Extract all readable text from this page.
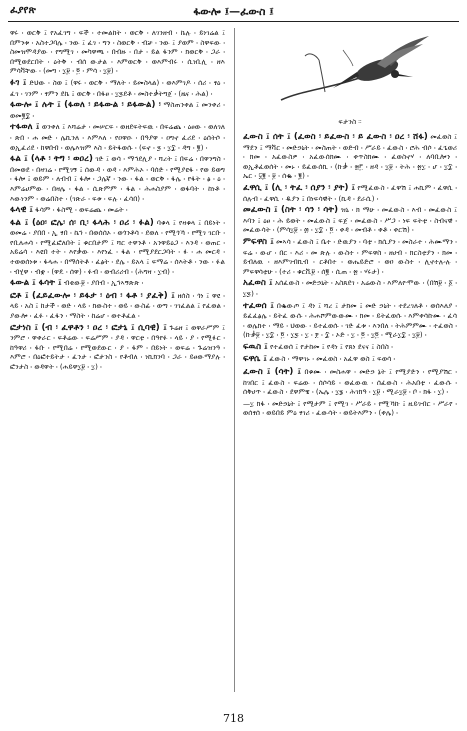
ፈያየጽ	ፋውሎ ፤—ፈውስ ፤
ዋሩ ፡ ወርቅ ፤ የአፈገግ ፡ ፍች ፡ ተመልከት ፡ ወርቅ ፡ ለገንዘብ ፡ ኬሉ ፡ ይነገሬል ፤ በምንቱ ፡ አስተጋባሌ ፡ ንው ፤ ፈገ ፡ ግን ፡ ስወርቅ ፡ ብቻ ፡ ንው ፤ ያወም ፡ ስዋፍው ፡ ስመዝሞዳያው ፡ የግሚገ ፡ መካዋጫ ፡ በብዙ ፡ በታ ፡ ይል ፋንም ፡ ክወርቅ ፡ ጋራ ፡ በሚወደርበት ፡ ዕትቅ ፡ ብሰ ውታል ፡ እምወርቅ ፡ ወእምብሩ ፡ ሲነቢሊ ፡ ዘእ ምሳቫቸው ፡ (መግ ፡ ፲፱ ፡ ፬ ፡ ምሳ ፡ ፲፱) ፡
ፉገ ፤ ድህው ፡ ስወ ፤ (ዋሩ ፡ ወርቅ ፡ ማለት ፡ ይመስላል) ፡ ወእምገዶ ፡ ሰሪ ፡ ፃዕ ፡ ፈገ ፡ ገንም ፡ ፃምን ደኬ ፤ ወርቅ ፡ በፋፀ ፡ ፲፯ደቶ ፡ መስተቃትግጀ ፡ (ዜና ፡ ሕል) ፡
ፋውሎ ፤ ሉት ፤ (ፋወለ ፡ ይፋውል ፡ ይፋውል) ፡ ማስጠንቀል ፤ መንቀሪ ፡ ወመ፪፰ ፡
ተፋወለ ፤ ወንቀለ ፤ እሻሬታ ፡ መሠርፍ ፡ ወዘደፍትፍዉ ፡ በፍሬጨ ፡ ዕፀው ፡ ወለገለ ፡ ጽበ ፡ ሐ መድ ፡ ሌኪንለ ፡ እምእለ ፡ የዐዋዑ ፡ በዓያዋ ፡ ዐግኖ ፈሪደ ፡ ዕሰትሶ ፡ ወኢፈሪደ ፡ ከዋበብ ፡ ወሌእዝም እስ ፡ ይትፋወሱ ፡ (ፍኖ ፡ ፯ ፡ ፲፰ ፡ ዳግ ፡ ፪) ፡
ፋል ፤ (ላቶ ፡ ትግ ፡ ወዐረ) ገድ ፤ ወሳ ፡ ማኅደሊያ ፡ ሻረት ፤ በፍሬ ፡ በዋንግስ ፡ በመወደ ፡ በዛገሬ ፡ የሚገኝ ፤ ሰውዳ ፡ ወዳ ፡ እምሕኦ ፡ ባሰድ ፡ የሚያዩፋ ፡ የወ ይወግ ፡ ፋሎ ፤ ወይም ፡ ለብብ ፤ ፋሎ ፡ ጋሌኛ ፡ ንው ፡ ፋል ፡ ወርቅ ፡ ፋሌ ፡ የፋት ፡ ፅ ፡ ዕ ፡ እምሬሀምው ፡ በዛሌ ፡ ፋል ፡ ሲጽምም ፡ ፋል ፡ ሕሐስያም ፡ ወፋባት ፡ ከነቶ ፡ እውነንም ፡ ወሬበስተ ፡ (ገጽራ ፡ ፍቱ ፡ ፍሉ ፡ ፈሳበ) ፡
ፋላዊ ፤ ፋሳም ፡ ፋስሚ ፡ ወፍሬጨ ፡ መሬት ፡
ፋል ፤ (ዕዐ፡ ፎሌ፡ ሰ፡ ቢ፡ ፋላሕ ፡ ዐሪ ፡ ፉል) ባቁላ ፤ የዛቁላ ፤ በይነት ፡ ወመሬ ፡ ያበበ ፡ ኢ ፃበ ፡ ኬኅ ፡ በወሰሰኦ ፡ ወጎንቶሳ ፡ ደወለ ፡ የሚጎኻ ፡ የሚገ ገርቡ ፡ የቢለሐሳ ፡ የሚፈፎለበት ፤ ቁርበታም ፤ ሻር ተዋንቶ ፡ አንዋይዕጋ ፡ እንዳ ፡ ወጠር ፡ አይሬሳ ፡ እዩበ ተት ፡ እየቃው ፡ እየነፈ ፡ ፋል ፡ የሚያደርጋባት ፡ ፉ ፡ ሐ መርዳ ፡ ተወወሰነቱ ፡ ፋላሐ ፡ በማሰትቶ ፡ ፈፅት ፡ ደሌ ፡ ይአላ ፤ ፍማሬ ፡ ሰእትቶ ፡ ንው ፡ ፉል ፡ ብሂዋ ፡ ብቋ ፡ (ዋዴ ፡ ሰዋ) ፡ ፉብ ፡ ወብሪሪብ ፡ (ሕግዛ ፡ ፲ብ) ፡
ፋውል ፤ ፋሳት ፤ ብቂው፱ ፡ ያበብ ፡ ኢኅኣኝጽጽ ፡
ፎቶ ፤ (ፈይፈውሎ ፡ ይፋታ ፡ ዕብ ፡ ፋቶ ፡ ያፈቅ) ፤ ዘሰስ ፡ ጎነ ፤ ዋዩ ፡ ላይ ፡ አስ ፤ ከታች ፡ ወድ ፡ ላይ ፡ ክውስተ ፡ ወይ ፡ ውስፊ ፡ ወጣ ፡ ገገፈልል ፤ የፈወል ፡ ያውሎ ፡ ፈፉ ፡ ፈፋን ፡ ማስት ፡ ከሬሆ ፡ ወተቶፈል ፡
ፎታነስ ፤ (ብ ፡ ፈዋቶን ፡ ዐረ ፡ ፎታኒ ፤ ሲባዊ) ፤ ጉሬዘ ፤ ወዋራሥም ፤ ንምሮ ፡ ዋቀራር ፡ ፍቶሬው ፡ ፍሬሥም ፡ ያዳ ፡ ዋርቲ ፡ በዓየፉ ፡ ላይ ፡ ያ ፡ የሚፉር ፡ ከዓዋሪ ፡ ፋቡ ፡ የሚበሬ ፡ የሚወደውር ፡ ያ ፡ ፋም ፡ በይነት ፡ ወፍሬ ፡ ጉሬዝንዓ ፡ እምሮ ፡ በዕፎተይትታ ፡ ፈንታ ፡ ፎታንስ ፡ የቶብለ ፡ ነኪክንባ ፡ ጋራ ፡ ይፀውማያሉ ፡ ፎንታስ ፡ ወዳዋት ፡ (ሐይዋ፲፱ ፡ ፲) ፡
ፍታንስ ።
ፈውስ ፤ ሰት ፤ (ፈወስ ፡ ይፈውስ ፡ ይ ፈውስ ፡ ዐረ ፡ ሸፋ) መፈወስ ፤ ማደን ፤ ማቫር ፡ መድኃኒት ፡ መስጠት ፡ ወድብ ፡ ሥራይ ፡ ፈውስ ፡ ሮሕ ብሶ ፡ ፈጌወሪ ፡ ክመ ፡ አፈውስዎ ፡ አፈውሰክሙ ፡ ቀጥስክሙ ፡ ፈወስኖሃ ፡ ለባቢሎን ፡ ወኢቶፈወሰት ፡ መኑ ፡ ይፈውሰኪ ፡ (ኩቃ ፡ ፳፫ ፡ ዘዳ ፡ ፲፱ ፡ ትሕ ፡ ፳፲ ፡ ሆ ፡ ፲፰ ፡ ኤር ፡ ፶፪ ፡ ፱ ፡ ሰቈ ፡ ፪) ፡
ፈዋሲ ፤ (ሊ ፡ ትፈ ፡ ሰያን ፡ ያት) ፤ የሚፈውስ ፡ ፈዋሽ ፤ ሐኪም ፡ ፈዋሲ ፡ ሰሉብ ፡ ፈዋሲ ፡ ዱያን ፤ በነፍሳዊት ፡ (ኪዳ ፡ ደራሲ) ፡
መፈውስ ፤ (ስት ፡ ሳን ፡ ሳት) ዝኒ ፡ ክ ማሁ ፡ መፈውስ ፡ እብ ፡ መፈውስ ፤ እባን ፤ ዕፀ ፡ ሕ ይወት ፡ መፈውስ ፤ ፍጀ ፡ መፈውስ ፡ ሥጋ ፡ ነፍ ፍትቲ ፡ ስብናዊ ፡ መፈውሳት ፡ (ምሳ፲፱ ፡ ፴ ፡ ፲፰ ፡ ፬ ፡ ቀዳ ፡ መብቶ ፡ ቀቶ ፡ ቀርሽ) ፡
ምፍዋስ ፤ መኣሳ ፡ ፈውስ ፤ ቤተ ፡ ድዉያን ፡ ባቲ ፡ ክሲያን ፡ መስራተ ፡ ሕሙማን ፡ ፍሬ ፡ ውሆ ፡ በር ፡ እሪ ፡ መ ጽሉ ፡ ውስተ ፡ ምፍዋስ ፡ ዘሀብ ፡ ክርስቲያን ፡ ክመ ፡ ይብለዉ ፡ ዘእምገብኪብ ፡ ርቶበተ ፡ ወሔይድሮ ፡ ወዐ ውስተ ፡ ሊኖተሉ፡ሉ ፡ ምፍዋሳቲሁ ፡ (ተሪ ፡ ቁርቪ፱ ፡ ሰ፪ ፡ ሲጠ ፡ ፳ ፡ ሃሩታ) ፡
አፈወስ ፤ አሰፈውስ ፡ መድኃኒት ፡ አስጸደገ ፡ አሬውስ ፡ እምለዮሞው ፡ (በሽ፱ ፡ ፩ ፡ ፲፯) ፡
ተፈወሰ ፤ በቈውጦ ፤ ዳነ ፤ ሻረ ፤ ታክመ ፤ መድ ኃኒት ፡ ተደረገለቶ ፡ ወሰእለያ ፡ ይፈፈፅሌ ፡ ይትፈ ውሱ ፡ ሕሐሾምውውሙ ፡ ክመ ፡ ይትፈወሱ ፡ እምቀሳኩሙ ፡ ፈሳ ፡ ወሌክተ ፡ ማይ ፡ ህወው ፡ ይተፈወሱ ፡ ገድ ፈቱ ፡ እንበለ ፡ ትሕምምሙ ፡ ተፈወስ ፡ (ኩቃ፱ ፡ ፲፰ ፡ ፬ ፡ ፲፯ ፡ ፲ ፡ ፻ ፡ ፰ ፡ ኦድ ፡ ፲ ፡ ፬ ፡ ፲፬ ፡ ሚራ፲፰ ፡ ፲፱) ፡
ፍዉስ ፤ የተፈወሰ ፤ የታከመ ፤ የዳነ ፤ የጸነ ደናና ፤ ስበስ ፡
ፍዋሴ ፤ ፈውስ ፡ ማዋገኑ ፡ መፈወስ ፡ አፈዋ ወስ ፤ ፍወሳ ፡
ፈውስ ፤ (ሳት) ፤ በቁሙ ፡ መስሐዋ ፡ መድኃ ኔት ፤ የሚያድን ፡ የሚያሽር ፡ ከገበር ፤ ፈውስ ፡ ፍሬው ፡ ሰሶሳይ ፡ ወፈውዉ ፡ ሰፈውስ ፡ ሕአበቲ ፡ ፈውሱ ፡ ሰቅሀጥ ፡ ፈውስ ፡ ደዋምዌ ፡ (ኤሌ ፡ ፲፮ ፡ ሕገክዓ ፡ ፲፱ ፡ ሚራ፲፱ ፡ ቦ ፡ ክፋ ፡ ፲) ፡
—፲ ክፋ ፡ መድኃኒት ፤ የሚታም ፤ የሚገ ፡ ሥራይ ፡ የሚኻኩ ፤ ዚይገብር ፡ ሥራየ ፡ ወሰፃሰ ፡ ወይበይ ምዕ ፃገሪ ፡ ፈውሳት ፡ ወይትእምን ፡ (ቀሌ) ፡
718
